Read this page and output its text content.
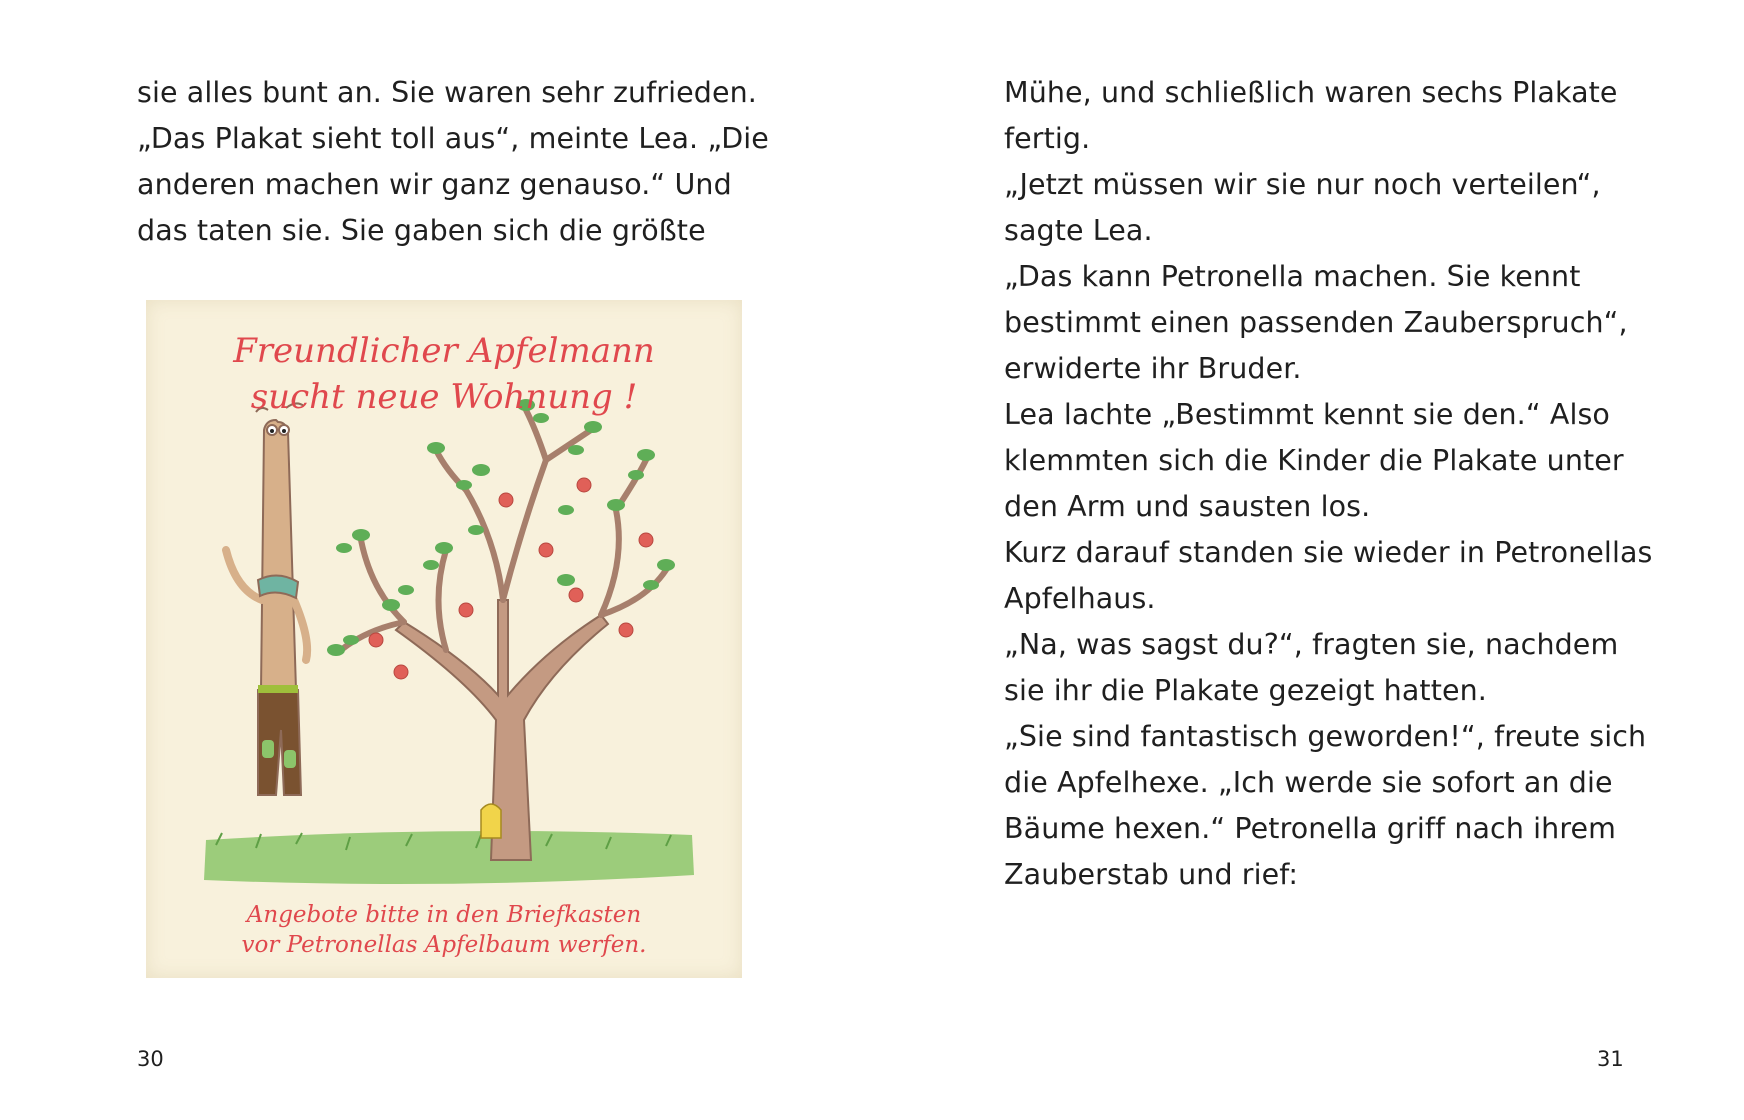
sie alles bunt an. Sie waren sehr zufrieden.
„Das Plakat sieht toll aus“, meinte Lea. „Die
anderen machen wir ganz genauso.“ Und
das taten sie. Sie gaben sich die größte
Freundlicher Apfelmann
sucht neue Wohnung !
Angebote bitte in den Briefkasten
vor Petronellas Apfelbaum werfen.
30
Mühe, und schließlich waren sechs Plakate
fertig.
„Jetzt müssen wir sie nur noch verteilen“,
sagte Lea.
„Das kann Petronella machen. Sie kennt
bestimmt einen passenden Zauberspruch“,
erwiderte ihr Bruder.
Lea lachte „Bestimmt kennt sie den.“ Also
klemmten sich die Kinder die Plakate unter
den Arm und sausten los.
Kurz darauf standen sie wieder in Petronellas
Apfelhaus.
„Na, was sagst du?“, fragten sie, nachdem
sie ihr die Plakate gezeigt hatten.
„Sie sind fantastisch geworden!“, freute sich
die Apfelhexe. „Ich werde sie sofort an die
Bäume hexen.“ Petronella griff nach ihrem
Zauberstab und rief:
31
